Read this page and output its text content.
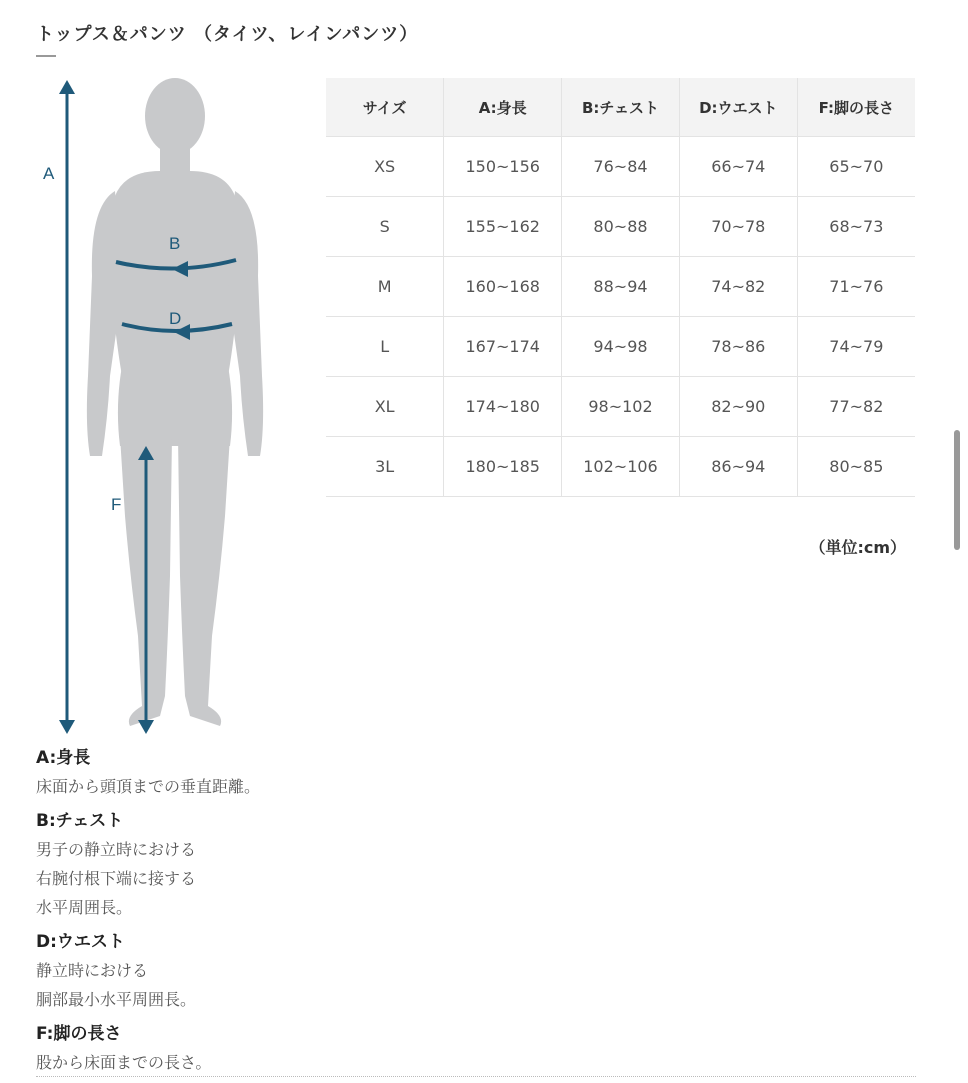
トップス＆パンツ （タイツ、レインパンツ）
A
B
D
F
サイズ	A:身長	B:チェスト	D:ウエスト	F:脚の長さ
XS	150~156	76~84	66~74	65~70
S	155~162	80~88	70~78	68~73
M	160~168	88~94	74~82	71~76
L	167~174	94~98	78~86	74~79
XL	174~180	98~102	82~90	77~82
3L	180~185	102~106	86~94	80~85
（単位:cm）
A:身長
床面から頭頂までの垂直距離。
B:チェスト
男子の静立時における
右腕付根下端に接する
水平周囲長。
D:ウエスト
静立時における
胴部最小水平周囲長。
F:脚の長さ
股から床面までの長さ。
